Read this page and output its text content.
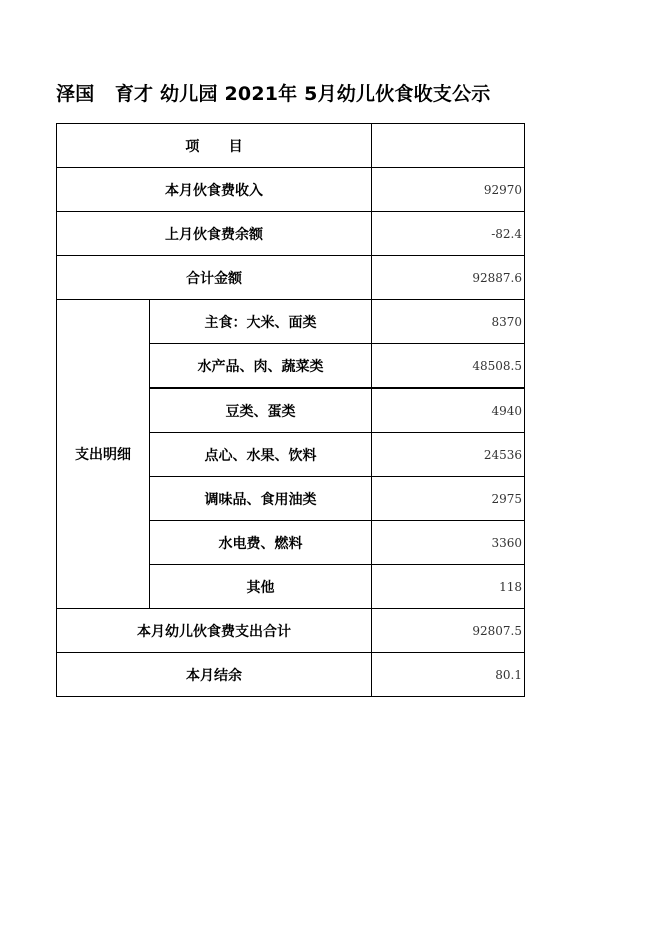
泽国   育才 幼儿园 2021年 5月幼儿伙食收支公示
项      目		
本月伙食费收入		92970
上月伙食费余额		-82.4
合计金额		92887.6
支出明细	主食：大米、面类	8370
	水产品、肉、蔬菜类	48508.5
	豆类、蛋类	4940
	点心、水果、饮料	24536
	调味品、食用油类	2975
	水电费、燃料	3360
	其他	118
本月幼儿伙食费支出合计		92807.5
本月结余		80.1
